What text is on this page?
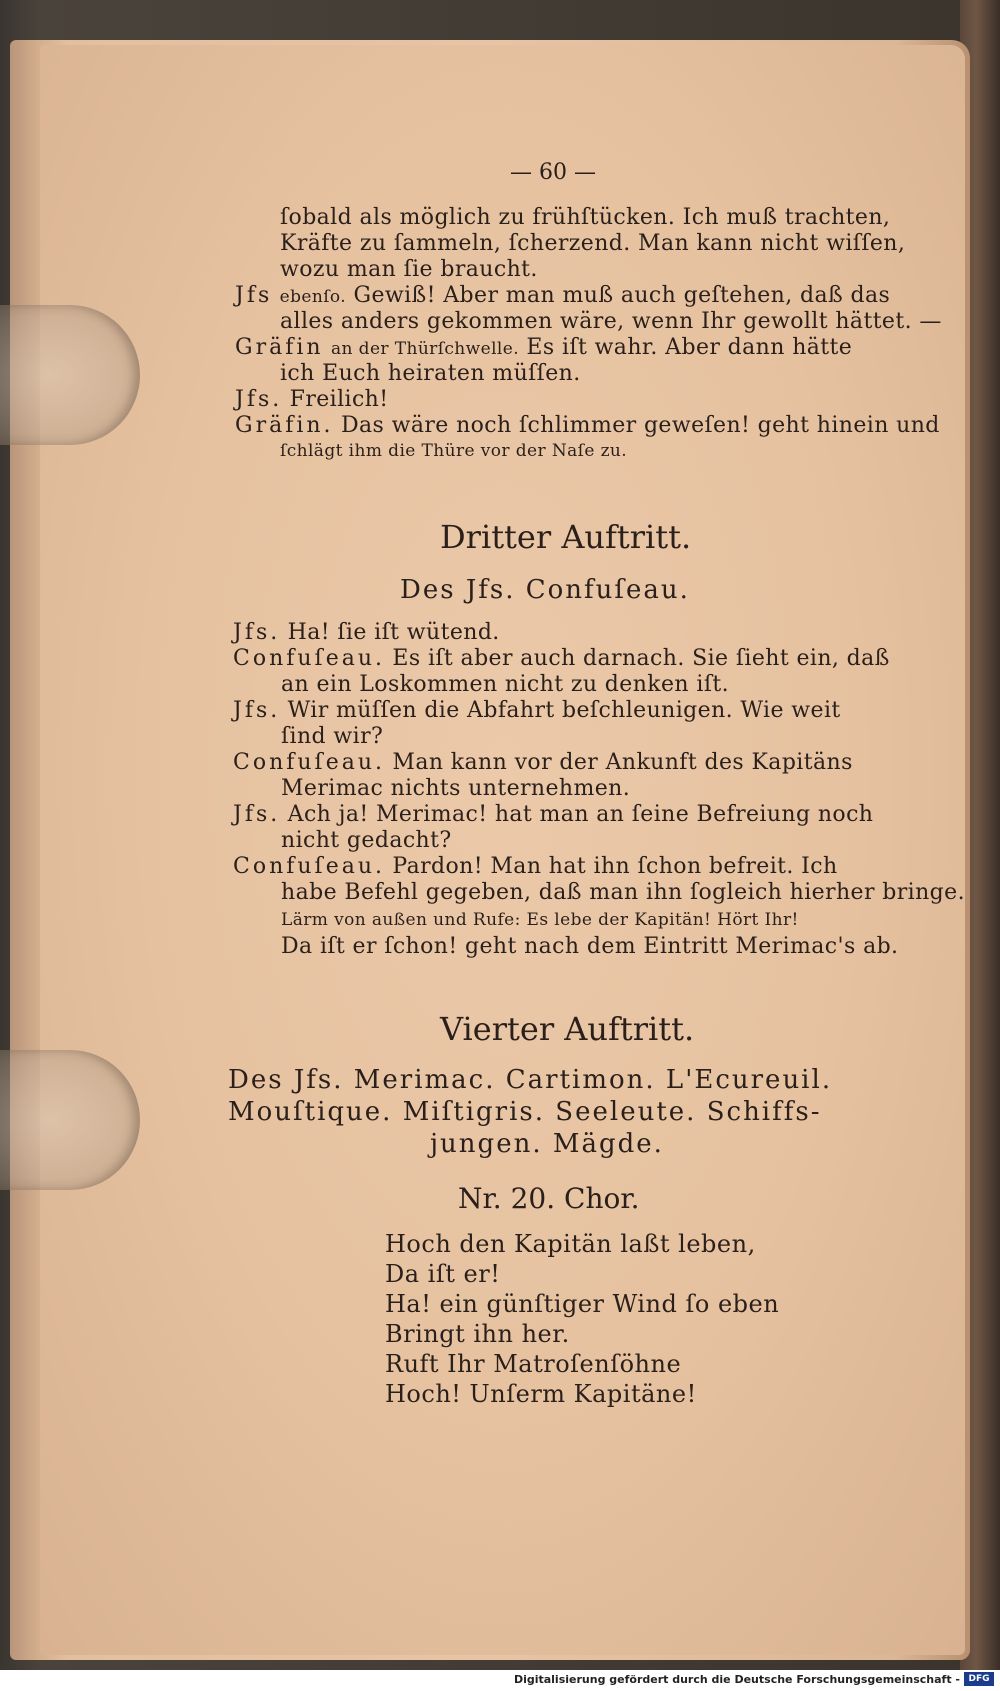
— 60 —
ſobald als möglich zu frühſtücken. Ich muß trachten,
Kräfte zu ſammeln, ſcherzend. Man kann nicht wiſſen,
wozu man ſie braucht.
Jfs ebenſo. Gewiß! Aber man muß auch geſtehen, daß das
alles anders gekommen wäre, wenn Ihr gewollt hättet. —
Gräfin an der Thürſchwelle. Es iſt wahr. Aber dann hätte
ich Euch heiraten müſſen.
Jfs. Freilich!
Gräfin. Das wäre noch ſchlimmer geweſen! geht hinein und
ſchlägt ihm die Thüre vor der Naſe zu.
Dritter Auftritt.
Des Jfs. Confuſeau.
Jfs. Ha! ſie iſt wütend.
Confuſeau. Es iſt aber auch darnach. Sie ſieht ein, daß
an ein Loskommen nicht zu denken iſt.
Jfs. Wir müſſen die Abfahrt beſchleunigen. Wie weit
ſind wir?
Confuſeau. Man kann vor der Ankunft des Kapitäns
Merimac nichts unternehmen.
Jfs. Ach ja! Merimac! hat man an ſeine Befreiung noch
nicht gedacht?
Confuſeau. Pardon! Man hat ihn ſchon befreit. Ich
habe Befehl gegeben, daß man ihn ſogleich hierher bringe.
Lärm von außen und Rufe: Es lebe der Kapitän! Hört Ihr!
Da iſt er ſchon! geht nach dem Eintritt Merimac's ab.
Vierter Auftritt.
Des Jfs. Merimac. Cartimon. L'Ecureuil.
Mouſtique. Miſtigris. Seeleute. Schiffs-
jungen. Mägde.
Nr. 20. Chor.
Hoch den Kapitän laßt leben,
Da iſt er!
Ha! ein günſtiger Wind ſo eben
Bringt ihn her.
Ruft Ihr Matroſenſöhne
Hoch! Unſerm Kapitäne!
Digitalisierung gefördert durch die Deutsche Forschungsgemeinschaft - DFG
